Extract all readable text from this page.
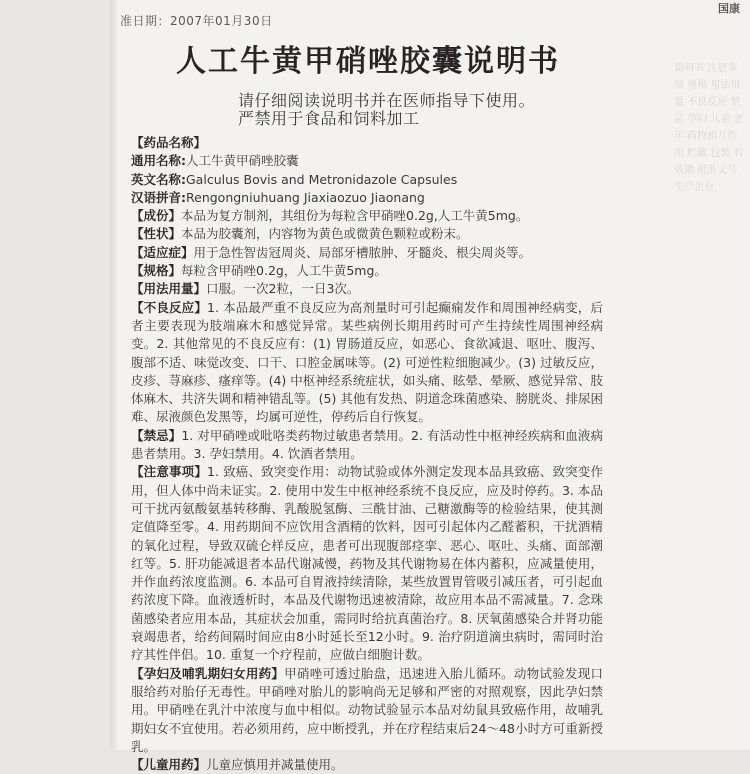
说明书 注意事项 规格 用法用量 不良反应 禁忌 孕妇 儿童 老年 药物相互作用 贮藏 包装 有效期 批准文号 生产企业
准日期：2007年01月30日
国康
人工牛黄甲硝唑胶囊说明书
请仔细阅读说明书并在医师指导下使用。
严禁用于食品和饲料加工

【药品名称】

通用名称:人工牛黄甲硝唑胶囊

英文名称:Galculus Bovis and Metronidazole Capsules

汉语拼音:Rengongniuhuang Jiaxiaozuo Jiaonang

【成份】本品为复方制剂，其组份为每粒含甲硝唑0.2g,人工牛黄5mg。

【性状】本品为胶囊剂，内容物为黄色或微黄色颗粒或粉末。

【适应症】用于急性智齿冠周炎、局部牙槽脓肿、牙髓炎、根尖周炎等。

【规格】每粒含甲硝唑0.2g，人工牛黄5mg。

【用法用量】口服。一次2粒，一日3次。

【不良反应】1. 本品最严重不良反应为高剂量时可引起癫痫发作和周围神经病变，后者主要表现为肢端麻木和感觉异常。某些病例长期用药时可产生持续性周围神经病变。2. 其他常见的不良反应有：(1) 胃肠道反应，如恶心、食欲减退、呕吐、腹泻、腹部不适、味觉改变、口干、口腔金属味等。(2) 可逆性粒细胞减少。(3) 过敏反应，皮疹、荨麻疹、瘙痒等。(4) 中枢神经系统症状，如头痛、眩晕、晕厥、感觉异常、肢体麻木、共济失调和精神错乱等。(5) 其他有发热、阴道念珠菌感染、膀胱炎、排尿困难、尿液颜色发黑等，均属可逆性，停药后自行恢复。

【禁忌】1. 对甲硝唑或吡咯类药物过敏患者禁用。2. 有活动性中枢神经疾病和血液病患者禁用。3. 孕妇禁用。4. 饮酒者禁用。

【注意事项】1. 致癌、致突变作用：动物试验或体外测定发现本品具致癌、致突变作用，但人体中尚未证实。2. 使用中发生中枢神经系统不良反应，应及时停药。3. 本品可干扰丙氨酸氨基转移酶、乳酸脱氢酶、三酰甘油、己糖激酶等的检验结果，使其测定值降至零。4. 用药期间不应饮用含酒精的饮料，因可引起体内乙醛蓄积，干扰酒精的氧化过程，导致双硫仑样反应，患者可出现腹部痉挛、恶心、呕吐、头痛、面部潮红等。5. 肝功能减退者本品代谢减慢，药物及其代谢物易在体内蓄积，应减量使用，并作血药浓度监测。6. 本品可自胃液持续清除，某些放置胃管吸引减压者，可引起血药浓度下降。血液透析时，本品及代谢物迅速被清除，故应用本品不需减量。7. 念珠菌感染者应用本品，其症状会加重，需同时给抗真菌治疗。8. 厌氧菌感染合并肾功能衰竭患者，给药间隔时间应由8小时延长至12小时。9. 治疗阴道滴虫病时，需同时治疗其性伴侣。10. 重复一个疗程前，应做白细胞计数。

【孕妇及哺乳期妇女用药】甲硝唑可透过胎盘，迅速进入胎儿循环。动物试验发现口服给药对胎仔无毒性。甲硝唑对胎儿的影响尚无足够和严密的对照观察，因此孕妇禁用。甲硝唑在乳汁中浓度与血中相似。动物试验显示本品对幼鼠具致癌作用，故哺乳期妇女不宜使用。若必须用药，应中断授乳，并在疗程结束后24～48小时方可重新授乳。

【儿童用药】儿童应慎用并减量使用。
